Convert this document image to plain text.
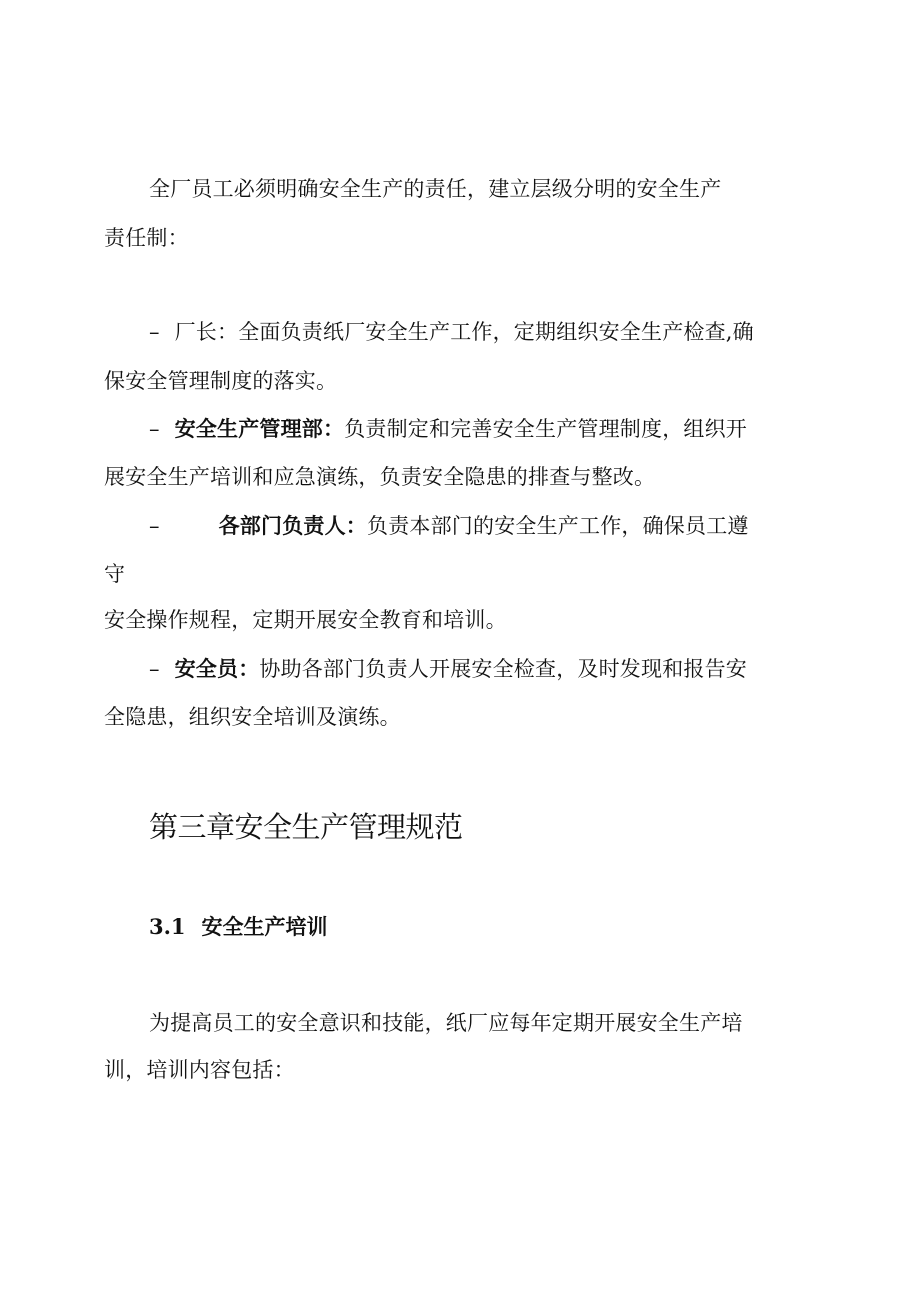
全厂员工必须明确安全生产的责任，建立层级分明的安全生产
责任制：
– 厂长：全面负责纸厂安全生产工作，定期组织安全生产检查,确
保安全管理制度的落实。
– 安全生产管理部：负责制定和完善安全生产管理制度，组织开
展安全生产培训和应急演练，负责安全隐患的排查与整改。
–	各部门负责人：负责本部门的安全生产工作，确保员工遵
守
安全操作规程，定期开展安全教育和培训。
– 安全员：协助各部门负责人开展安全检查，及时发现和报告安
全隐患，组织安全培训及演练。
第三章安全生产管理规范
3.1 安全生产培训
为提高员工的安全意识和技能，纸厂应每年定期开展安全生产培
训，培训内容包括：
